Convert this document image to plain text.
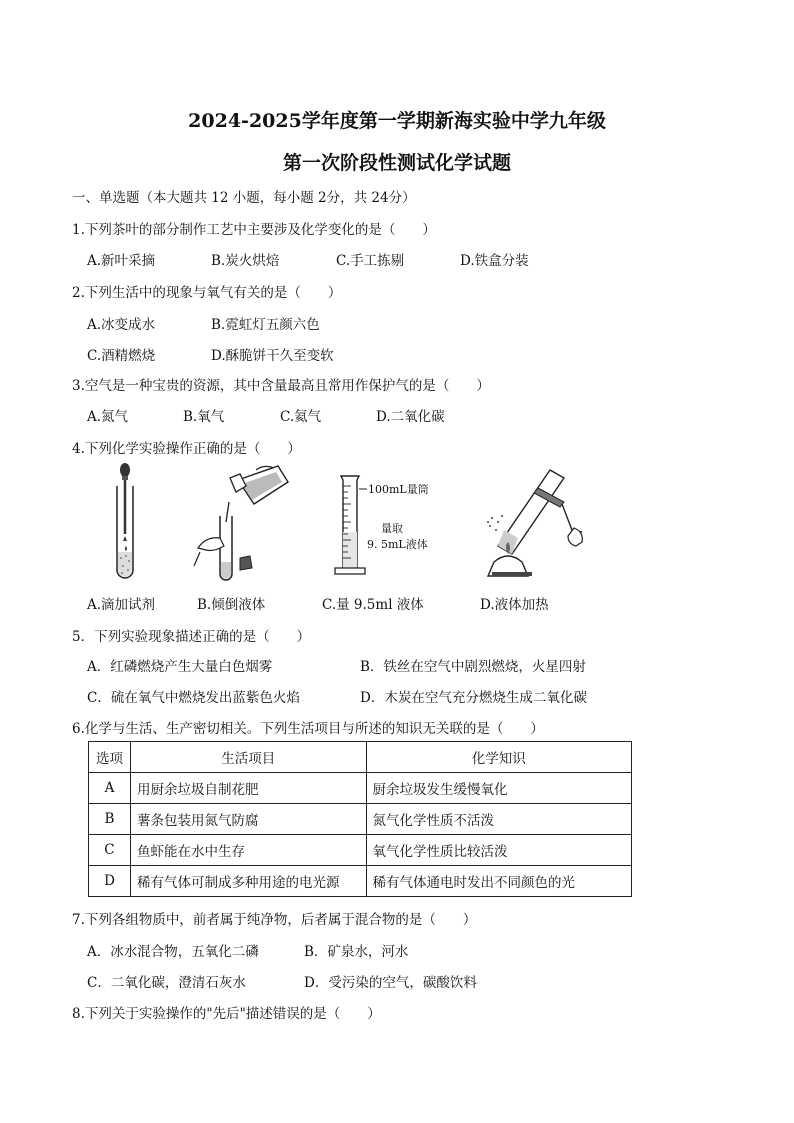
2024-2025学年度第一学期新海实验中学九年级
第一次阶段性测试化学试题
一、单选题（本大题共 12 小题，每小题 2分，共 24分）
1.下列茶叶的部分制作工艺中主要涉及化学变化的是（　　）
A.新叶采摘	B.炭火烘焙	C.手工拣剔	D.铁盒分装
2.下列生活中的现象与氧气有关的是（　　）
A.冰变成水	B.霓虹灯五颜六色
C.酒精燃烧	D.酥脆饼干久至变软
3.空气是一种宝贵的资源，其中含量最高且常用作保护气的是（　　）
A.氮气	B.氧气	C.氦气	D.二氧化碳
4.下列化学实验操作正确的是（　　）
100mL量筒
量取
9. 5mL液体
A.滴加试剂	B.倾倒液体	C.量 9.5ml 液体	D.液体加热
5．下列实验现象描述正确的是（　　）
A．红磷燃烧产生大量白色烟雾	B．铁丝在空气中剧烈燃烧，火星四射
C．硫在氧气中燃烧发出蓝紫色火焰	D．木炭在空气充分燃烧生成二氧化碳
6.化学与生活、生产密切相关。下列生活项目与所述的知识无关联的是（　　）
选项	生活项目	化学知识
A	用厨余垃圾自制花肥	厨余垃圾发生缓慢氧化
B	薯条包装用氮气防腐	氮气化学性质不活泼
C	鱼虾能在水中生存	氧气化学性质比较活泼
D	稀有气体可制成多种用途的电光源	稀有气体通电时发出不同颜色的光
7.下列各组物质中，前者属于纯净物，后者属于混合物的是（　　）
A．冰水混合物，五氧化二磷	B．矿泉水，河水
C．二氧化碳，澄清石灰水	D．受污染的空气，碳酸饮料
8.下列关于实验操作的"先后"描述错误的是（　　）
